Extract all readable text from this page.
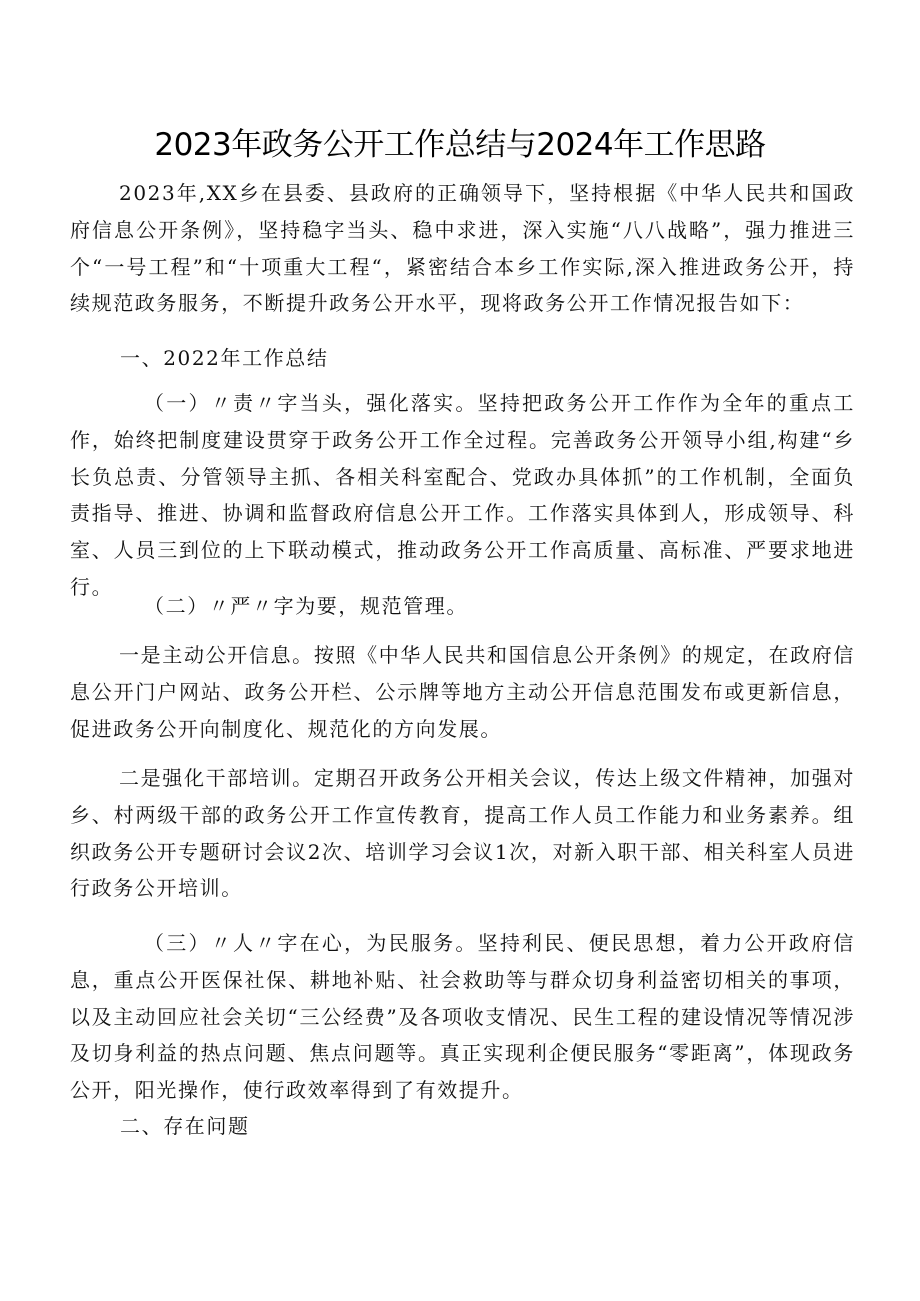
2023年政务公开工作总结与2024年工作思路

2023年,XX乡在县委、县政府的正确领导下，坚持根据《中华人民共和国政府信息公开条例》，坚持稳字当头、稳中求进，深入实施“八八战略”，强力推进三个“一号工程”和“十项重大工程“，紧密结合本乡工作实际,深入推进政务公开，持续规范政务服务，不断提升政务公开水平，现将政务公开工作情况报告如下：

一、2022年工作总结

（一）〃责〃字当头，强化落实。坚持把政务公开工作作为全年的重点工作，始终把制度建设贯穿于政务公开工作全过程。完善政务公开领导小组,构建“乡长负总责、分管领导主抓、各相关科室配合、党政办具体抓”的工作机制，全面负责指导、推进、协调和监督政府信息公开工作。工作落实具体到人，形成领导、科室、人员三到位的上下联动模式，推动政务公开工作高质量、高标准、严要求地进行。

（二）〃严〃字为要，规范管理。

一是主动公开信息。按照《中华人民共和国信息公开条例》的规定，在政府信息公开门户网站、政务公开栏、公示牌等地方主动公开信息范围发布或更新信息，促进政务公开向制度化、规范化的方向发展。

二是强化干部培训。定期召开政务公开相关会议，传达上级文件精神，加强对乡、村两级干部的政务公开工作宣传教育，提高工作人员工作能力和业务素养。组织政务公开专题研讨会议2次、培训学习会议1次，对新入职干部、相关科室人员进行政务公开培训。

（三）〃人〃字在心，为民服务。坚持利民、便民思想，着力公开政府信息，重点公开医保社保、耕地补贴、社会救助等与群众切身利益密切相关的事项，以及主动回应社会关切“三公经费”及各项收支情况、民生工程的建设情况等情况涉及切身利益的热点问题、焦点问题等。真正实现利企便民服务“零距离”，体现政务公开，阳光操作，使行政效率得到了有效提升。

二、存在问题
